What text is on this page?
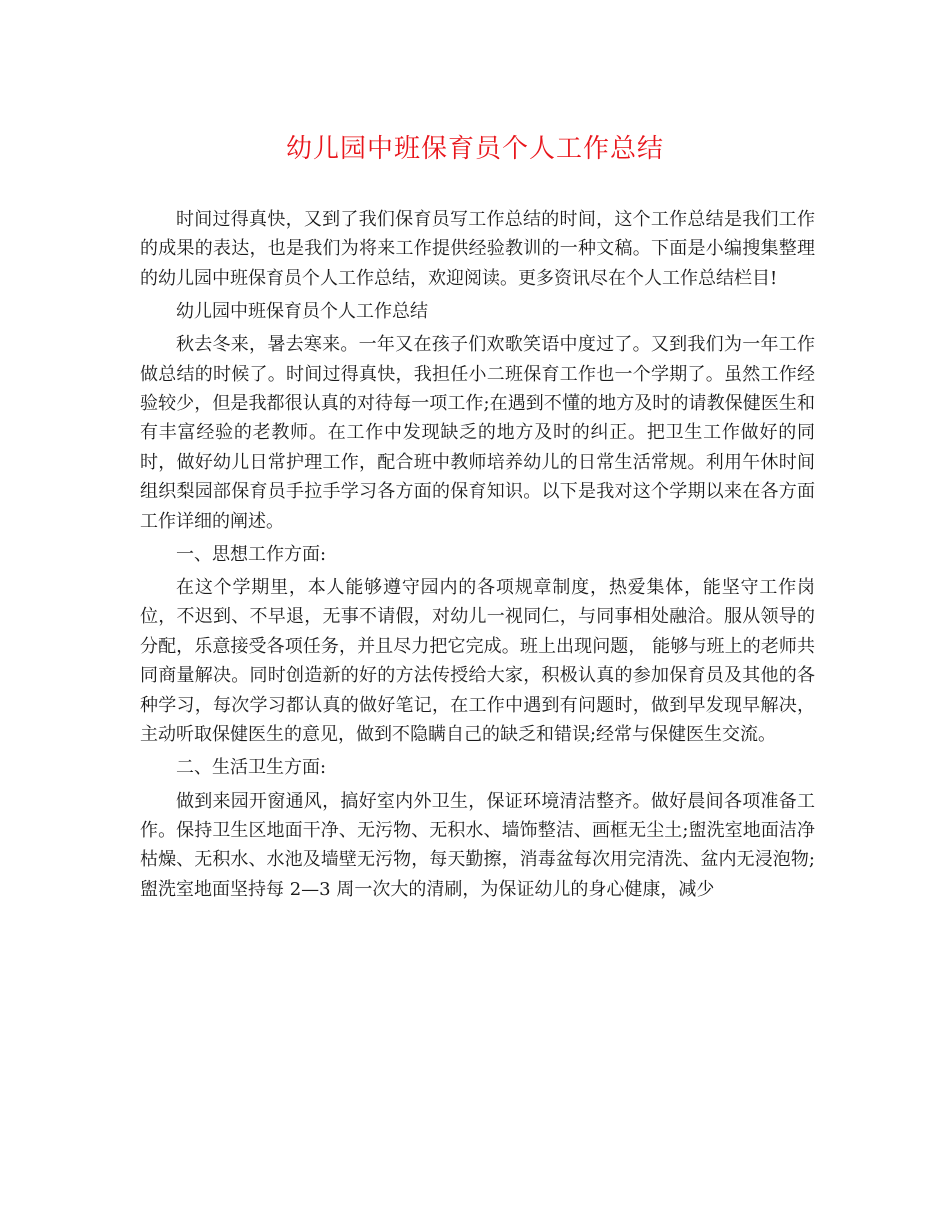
幼儿园中班保育员个人工作总结

时间过得真快，又到了我们保育员写工作总结的时间，这个工作总结是我们工作的成果的表达，也是我们为将来工作提供经验教训的一种文稿。下面是小编搜集整理的幼儿园中班保育员个人工作总结，欢迎阅读。更多资讯尽在个人工作总结栏目!

幼儿园中班保育员个人工作总结

秋去冬来，暑去寒来。一年又在孩子们欢歌笑语中度过了。又到我们为一年工作做总结的时候了。时间过得真快，我担任小二班保育工作也一个学期了。虽然工作经验较少，但是我都很认真的对待每一项工作;在遇到不懂的地方及时的请教保健医生和有丰富经验的老教师。在工作中发现缺乏的地方及时的纠正。把卫生工作做好的同时，做好幼儿日常护理工作，配合班中教师培养幼儿的日常生活常规。利用午休时间组织梨园部保育员手拉手学习各方面的保育知识。以下是我对这个学期以来在各方面工作详细的阐述。

一、思想工作方面:

在这个学期里，本人能够遵守园内的各项规章制度，热爱集体，能坚守工作岗位，不迟到、不早退，无事不请假，对幼儿一视同仁，与同事相处融洽。服从领导的分配，乐意接受各项任务，并且尽力把它完成。班上出现问题， 能够与班上的老师共同商量解决。同时创造新的好的方法传授给大家，积极认真的参加保育员及其他的各种学习，每次学习都认真的做好笔记，在工作中遇到有问题时，做到早发现早解决，主动听取保健医生的意见，做到不隐瞒自己的缺乏和错误;经常与保健医生交流。

二、生活卫生方面:

做到来园开窗通风，搞好室内外卫生，保证环境清洁整齐。做好晨间各项准备工作。保持卫生区地面干净、无污物、无积水、墙饰整洁、画框无尘土;盥洗室地面洁净枯燥、无积水、水池及墙壁无污物，每天勤擦，消毒盆每次用完清洗、盆内无浸泡物;盥洗室地面坚持每 2—3 周一次大的清刷，为保证幼儿的身心健康，减少
